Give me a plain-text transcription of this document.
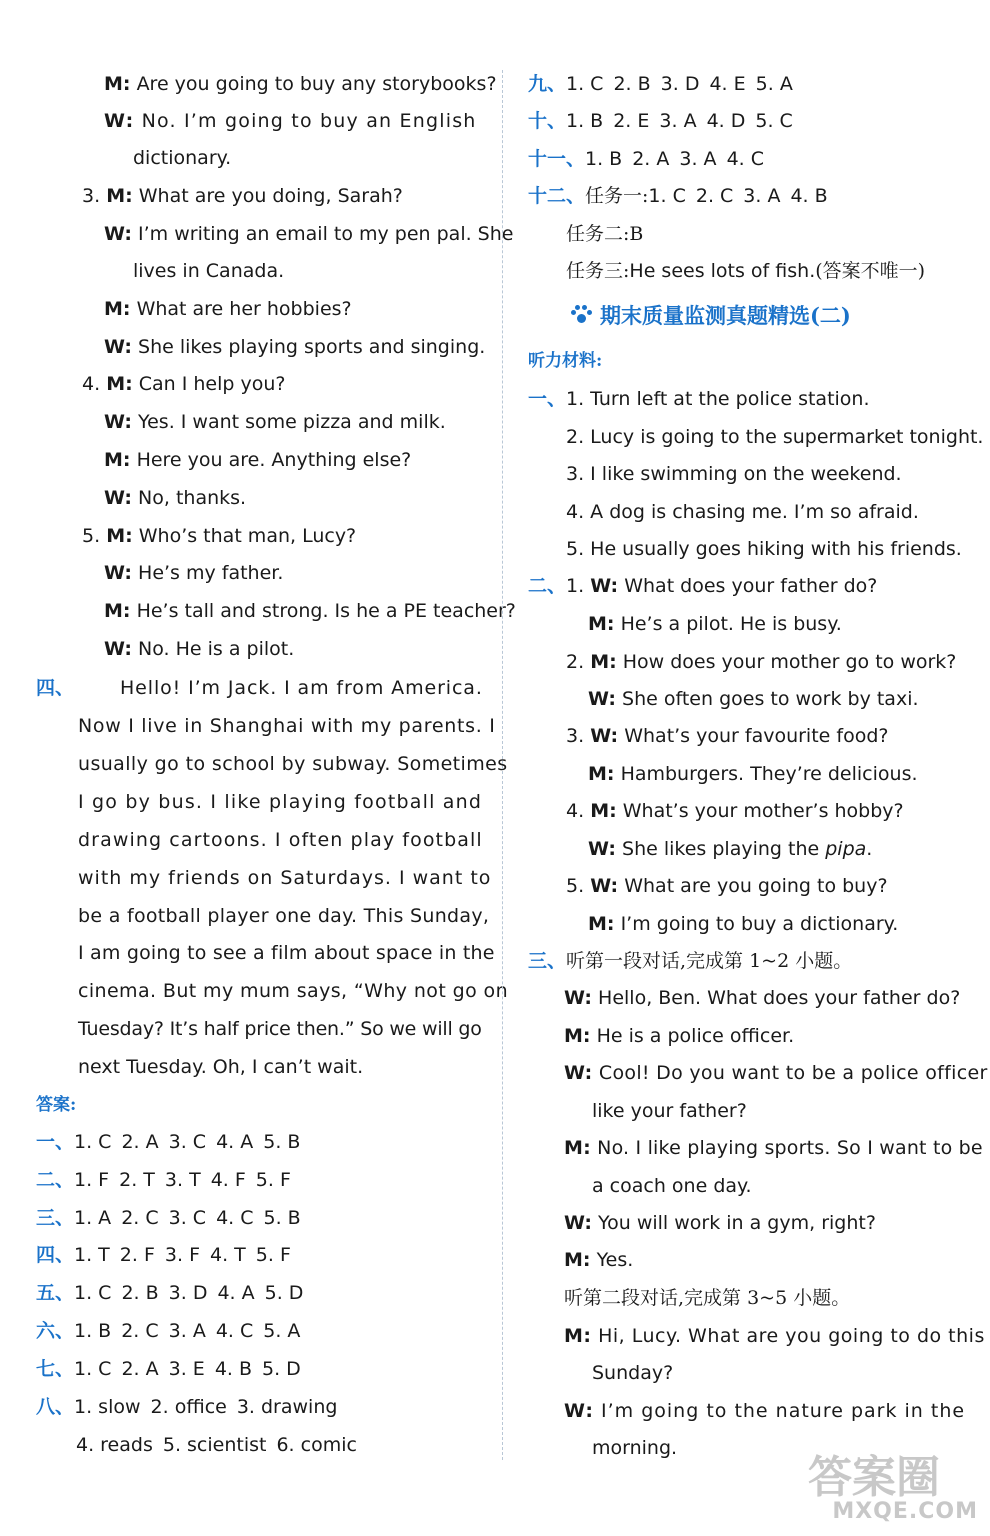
M: Are you going to buy any storybooks?
W: No. I’m going to buy an English
dictionary.
3. M: What are you doing, Sarah?
W: I’m writing an email to my pen pal. She
lives in Canada.
M: What are her hobbies?
W: She likes playing sports and singing.
4. M: Can I help you?
W: Yes. I want some pizza and milk.
M: Here you are. Anything else?
W: No, thanks.
5. M: Who’s that man, Lucy?
W: He’s my father.
M: He’s tall and strong. Is he a PE teacher?
W: No. He is a pilot.
四、 Hello! I’m Jack. I am from America.
Now I live in Shanghai with my parents. I
usually go to school by subway. Sometimes
I go by bus. I like playing football and
drawing cartoons. I often play football
with my friends on Saturdays. I want to
be a football player one day. This Sunday,
I am going to see a film about space in the
cinema. But my mum says, “Why not go on
Tuesday? It’s half price then.” So we will go
next Tuesday. Oh, I can’t wait.
答案:
一、1. C 2. A 3. C 4. A 5. B
二、1. F 2. T 3. T 4. F 5. F
三、1. A 2. C 3. C 4. C 5. B
四、1. T 2. F 3. F 4. T 5. F
五、1. C 2. B 3. D 4. A 5. D
六、1. B 2. C 3. A 4. C 5. A
七、1. C 2. A 3. E 4. B 5. D
八、1. slow 2. office 3. drawing
4. reads 5. scientist 6. comic
九、1. C 2. B 3. D 4. E 5. A
十、1. B 2. E 3. A 4. D 5. C
十一、1. B 2. A 3. A 4. C
十二、任务一:1. C 2. C 3. A 4. B
任务二:B
任务三:He sees lots of fish.(答案不唯一)
期末质量监测真题精选(二)
听力材料:
一、 1. Turn left at the police station.
2. Lucy is going to the supermarket tonight.
3. I like swimming on the weekend.
4. A dog is chasing me. I’m so afraid.
5. He usually goes hiking with his friends.
二、 1. W: What does your father do?
M: He’s a pilot. He is busy.
2. M: How does your mother go to work?
W: She often goes to work by taxi.
3. W: What’s your favourite food?
M: Hamburgers. They’re delicious.
4. M: What’s your mother’s hobby?
W: She likes playing the pipa.
5. W: What are you going to buy?
M: I’m going to buy a dictionary.
三、听第一段对话,完成第 1~2 小题。
W: Hello, Ben. What does your father do?
M: He is a police officer.
W: Cool! Do you want to be a police officer
like your father?
M: No. I like playing sports. So I want to be
a coach one day.
W: You will work in a gym, right?
M: Yes.
听第二段对话,完成第 3~5 小题。
M: Hi, Lucy. What are you going to do this
Sunday?
W: I’m going to the nature park in the
morning.
答案圈
MXQE.COM
